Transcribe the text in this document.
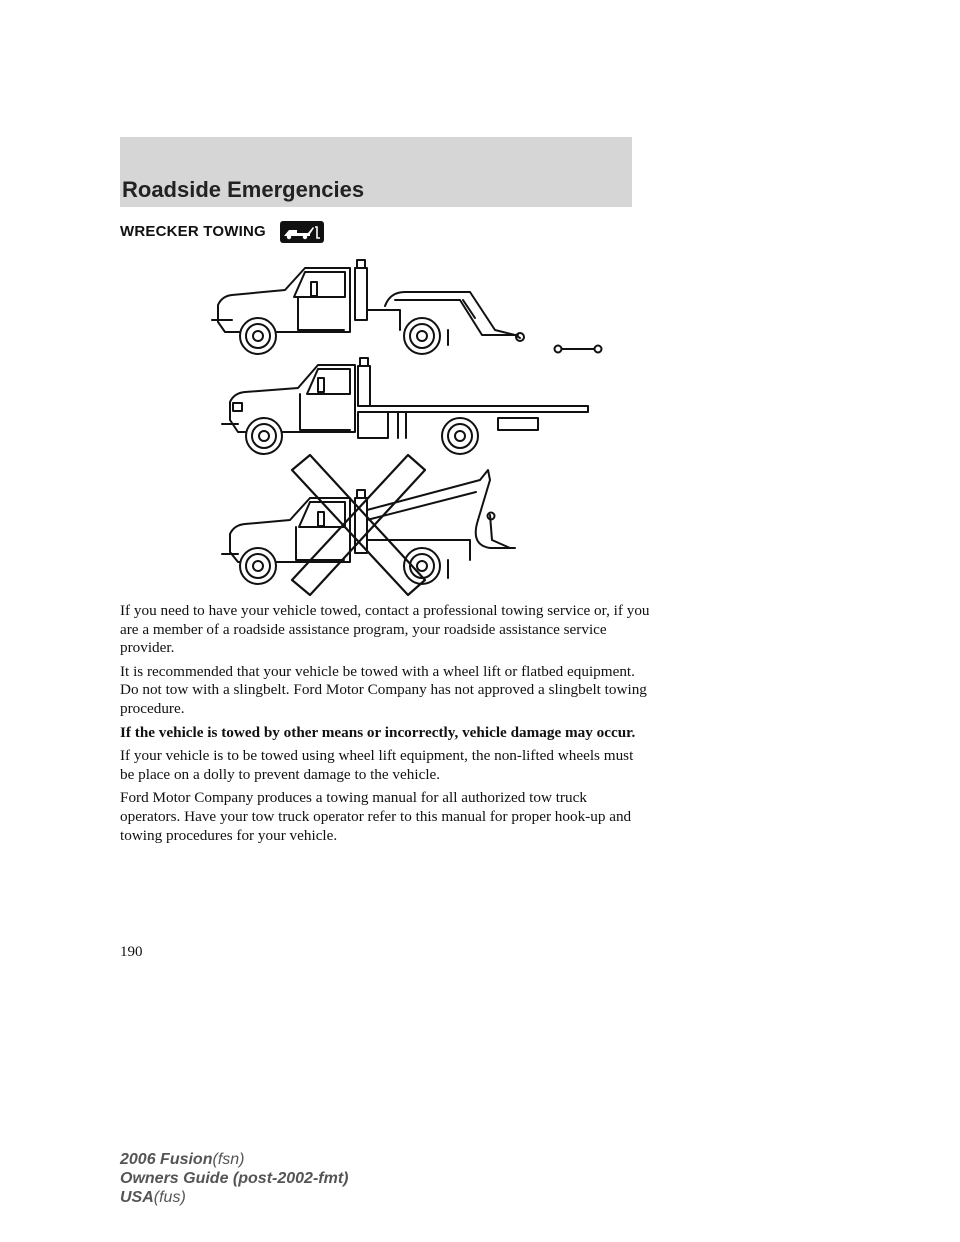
Roadside Emergencies
WRECKER TOWING

If you need to have your vehicle towed, contact a professional towing service or, if you are a member of a roadside assistance program, your roadside assistance service provider.

It is recommended that your vehicle be towed with a wheel lift or flatbed equipment. Do not tow with a slingbelt. Ford Motor Company has not approved a slingbelt towing procedure.

If the vehicle is towed by other means or incorrectly, vehicle damage may occur.

If your vehicle is to be towed using wheel lift equipment, the non-lifted wheels must be place on a dolly to prevent damage to the vehicle.

Ford Motor Company produces a towing manual for all authorized tow truck operators. Have your tow truck operator refer to this manual for proper hook-up and towing procedures for your vehicle.

190
2006 Fusion(fsn)
Owners Guide (post-2002-fmt)
USA(fus)
